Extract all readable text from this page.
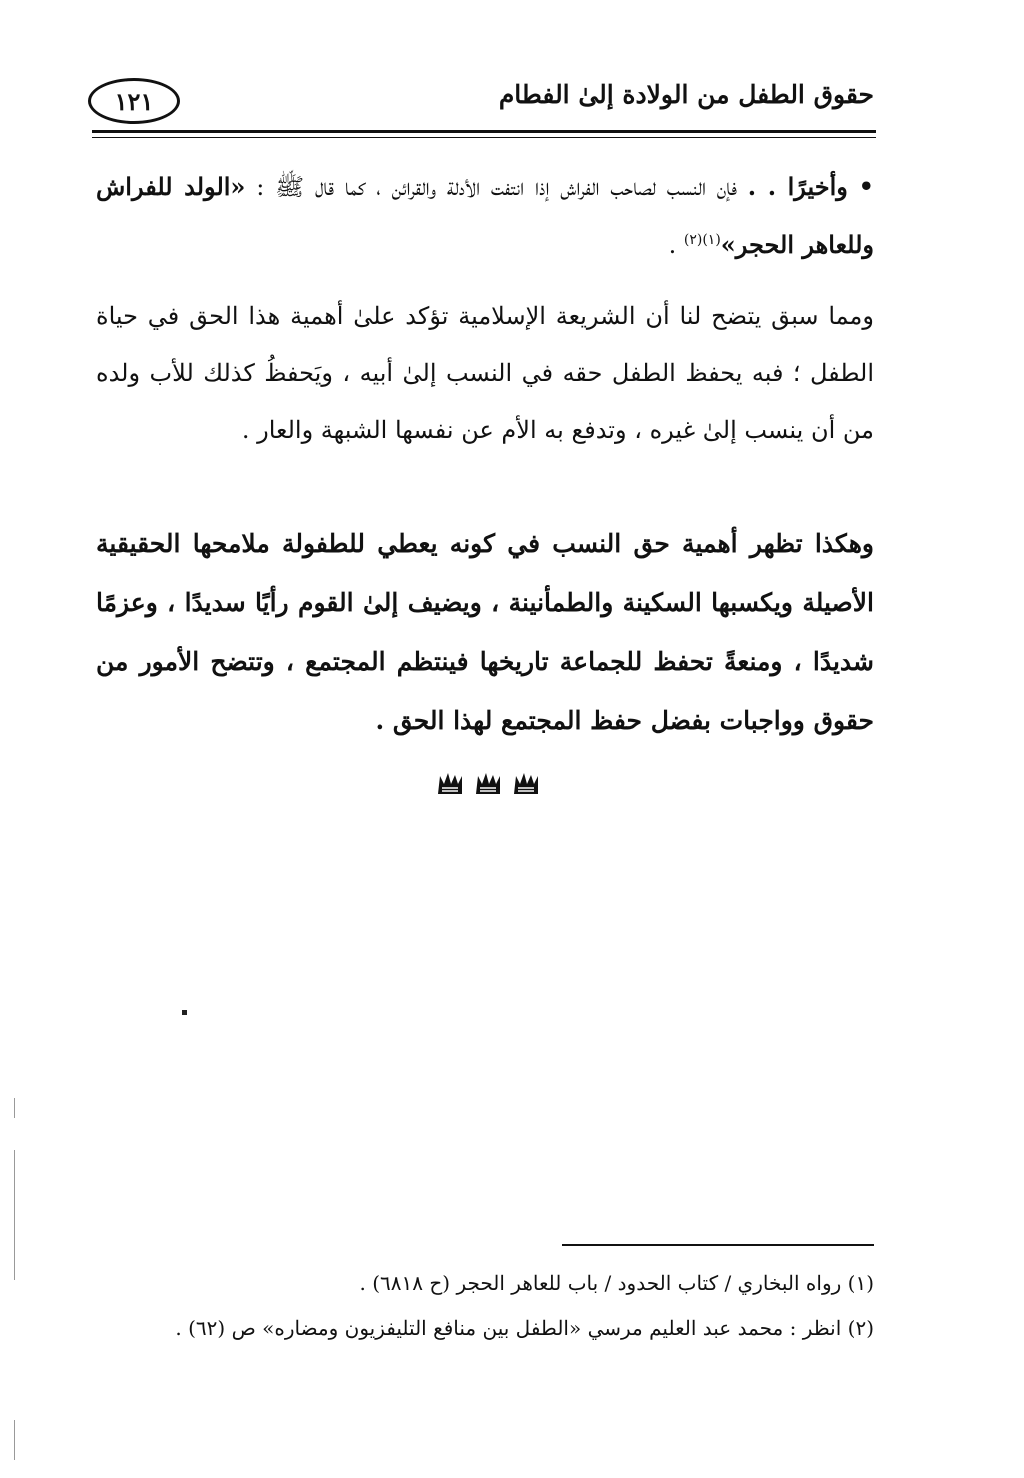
حقوق الطفل من الولادة إلىٰ الفطام
١٢١

• وأخيرًا . . فإن النسب لصاحب الفراش إذا انتفت الأدلة والقرائن ، كما قال ﷺ : «الولد للفراش وللعاهر الحجر»$^{(١)(٢)}$ .

ومما سبق يتضح لنا أن الشريعة الإسلامية تؤكد علىٰ أهمية هذا الحق في حياة الطفل ؛ فبه يحفظ الطفل حقه في النسب إلىٰ أبيه ، ويَحفظُ كذلك للأب ولده من أن ينسب إلىٰ غيره ، وتدفع به الأم عن نفسها الشبهة والعار .

وهكذا تظهر أهمية حق النسب في كونه يعطي للطفولة ملامحها الحقيقية الأصيلة ويكسبها السكينة والطمأنينة ، ويضيف إلىٰ القوم رأيًا سديدًا ، وعزمًا شديدًا ، ومنعةً تحفظ للجماعة تاريخها فينتظم المجتمع ، وتتضح الأمور من حقوق وواجبات بفضل حفظ المجتمع لهذا الحق .

(١) رواه البخاري / كتاب الحدود / باب للعاهر الحجر (ح ٦٨١٨) .

(٢) انظر : محمد عبد العليم مرسي «الطفل بين منافع التليفزيون ومضاره» ص (٦٢) .
